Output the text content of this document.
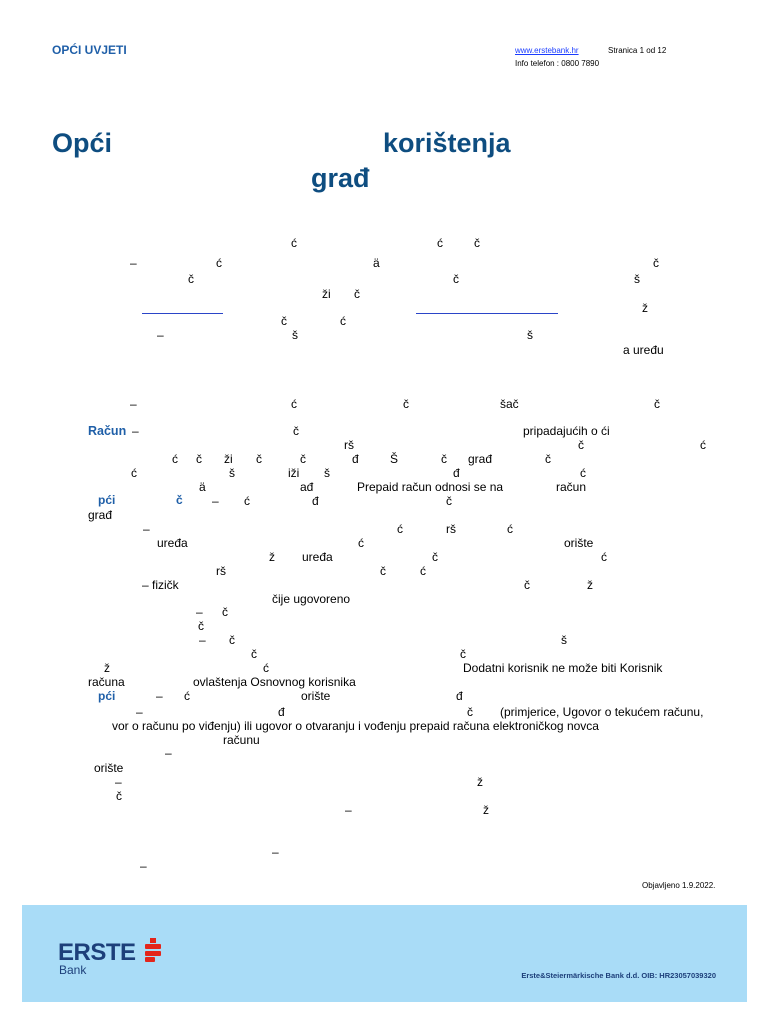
OPĆI UVJETI	www.erstebank.hr	Stranica 1 od 12
Info telefon : 0800 7890
Opći	korištenja
građ
ć	ć	č
–	ć	ä	č
č	č	š
ži č
ž
č	ć
–	š	š
a uređu
–	ć	č	šač	č
Račun –	č	pripadajućih o ći
rš	č	ć
ć č ži č	č	đ	Š	č građ	č
ć	š	iži š	đ	ć
ä	ađ	Prepaid račun odnosi se na	račun
pći	č – ć	đ	č
građ
–	ć	rš	ć
uređa	ć	orište
ž uređa	č	ć
rš	č	ć
– fizičk	č	ž
čije ugovoreno
– č
č
– č	š
č	č
ž	ć	Dodatni korisnik ne može biti Korisnik
računa	ovlaštenja Osnovnog korisnika
pći	– ć	orište	đ
–	đ	č (primjerice, Ugovor o tekućem računu,
vor o računu po viđenju) ili ugovor o otvaranju i vođenju prepaid računa elektroničkog novca
računu
–
orište
–	ž
č
–	ž
–
–
Objavljeno 1.9.2022.
ERSTE
Bank	Erste&Steiermärkische Bank d.d. OIB: HR23057039320
